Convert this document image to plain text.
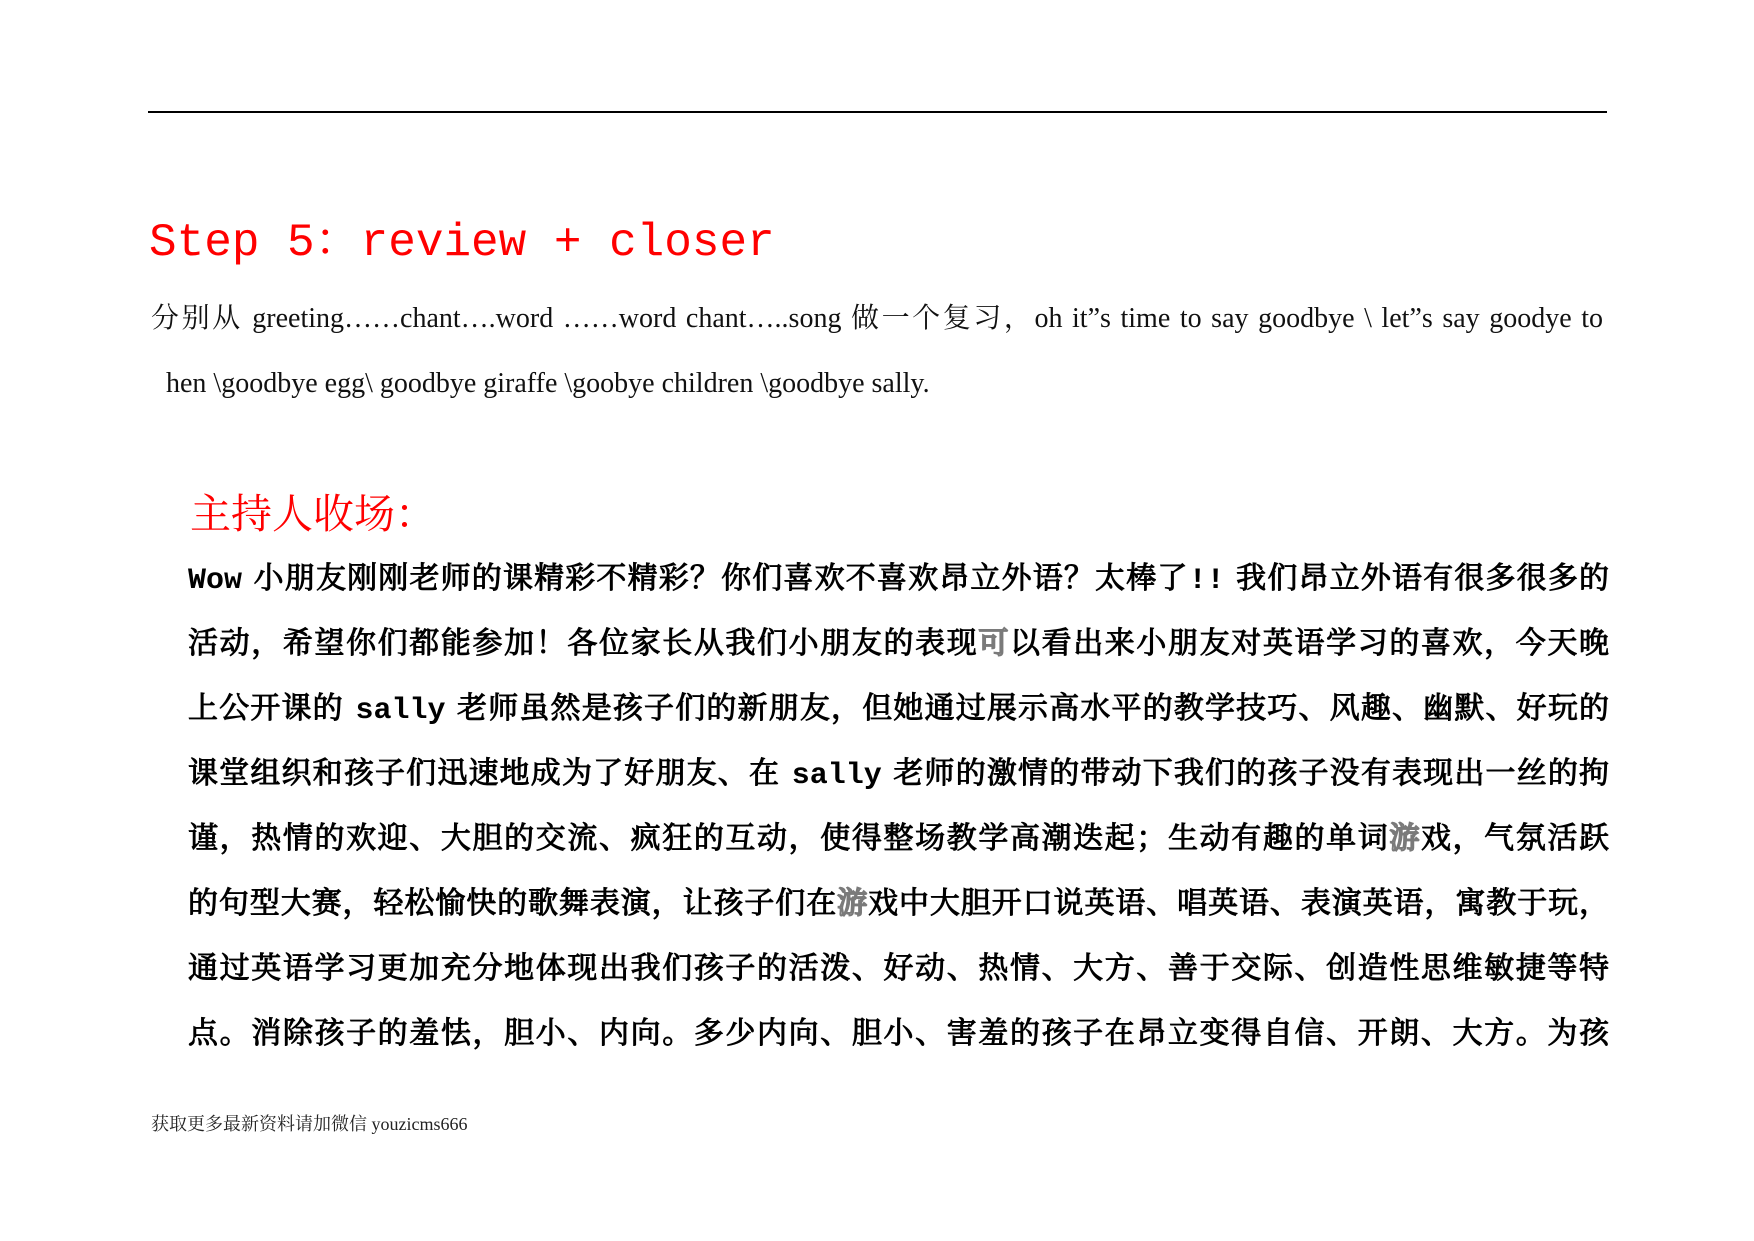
Step 5：review + closer
分别从 greeting……chant….word ……word chant…..song 做一个复习，oh it”s time to say goodbye \ let”s say goodye to
hen \goodbye egg\ goodbye giraffe \goobye children \goodbye sally.
主持人收场：
Wow 小朋友刚刚老师的课精彩不精彩？你们喜欢不喜欢昂立外语？太棒了!! 我们昂立外语有很多很多的
活动，希望你们都能参加！各位家长从我们小朋友的表现可以看出来小朋友对英语学习的喜欢，今天晚
上公开课的 sally 老师虽然是孩子们的新朋友，但她通过展示高水平的教学技巧、风趣、幽默、好玩的
课堂组织和孩子们迅速地成为了好朋友、在 sally 老师的激情的带动下我们的孩子没有表现出一丝的拘
谨，热情的欢迎、大胆的交流、疯狂的互动，使得整场教学高潮迭起；生动有趣的单词游戏，气氛活跃
的句型大赛，轻松愉快的歌舞表演，让孩子们在游戏中大胆开口说英语、唱英语、表演英语，寓教于玩，
通过英语学习更加充分地体现出我们孩子的活泼、好动、热情、大方、善于交际、创造性思维敏捷等特
点。消除孩子的羞怯，胆小、内向。多少内向、胆小、害羞的孩子在昂立变得自信、开朗、大方。为孩
获取更多最新资料请加微信 youzicms666
